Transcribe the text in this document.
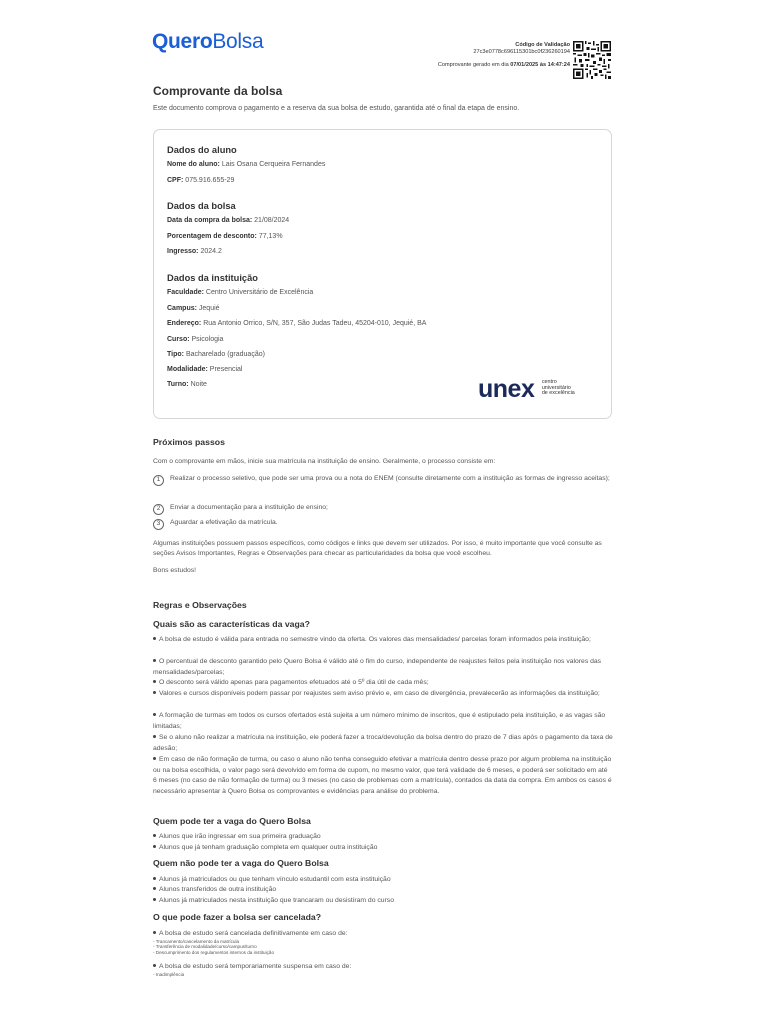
QueroBolsa	Código de Validação
27c3e0778c696115301bc0f236260194
Comprovante gerado em dia 07/01/2025 às 14:47:24
Comprovante da bolsa
Este documento comprova o pagamento e a reserva da sua bolsa de estudo, garantida até o final da etapa de ensino.
Dados do aluno
Nome do aluno: Lais Osana Cerqueira Fernandes
CPF: 075.916.655-29
Dados da bolsa
Data da compra da bolsa: 21/08/2024
Porcentagem de desconto: 77,13%
Ingresso: 2024.2
Dados da instituição
Faculdade: Centro Universitário de Excelência
Campus: Jequié
Endereço: Rua Antonio Orrico, S/N, 357, São Judas Tadeu, 45204-010, Jequié, BA
Curso: Psicologia
Tipo: Bacharelado (graduação)
Modalidade: Presencial
Turno: Noite	unex centro
universitário
de excelência
Próximos passos
Com o comprovante em mãos, inicie sua matrícula na instituição de ensino. Geralmente, o processo consiste em:
1 Realizar o processo seletivo, que pode ser uma prova ou a nota do ENEM (consulte diretamente com a instituição as formas de ingresso aceitas);
2 Enviar a documentação para a instituição de ensino;
3 Aguardar a efetivação da matrícula.
Algumas instituições possuem passos específicos, como códigos e links que devem ser utilizados. Por isso, é muito importante que você consulte as seções Avisos Importantes, Regras e Observações para checar as particularidades da bolsa que você escolheu.
Bons estudos!
Regras e Observações
Quais são as características da vaga?
A bolsa de estudo é válida para entrada no semestre vindo da oferta. Os valores das mensalidades/ parcelas foram informados pela instituição;
O percentual de desconto garantido pelo Quero Bolsa é válido até o fim do curso, independente de reajustes feitos pela instituição nos valores das mensalidades/parcelas;
O desconto será válido apenas para pagamentos efetuados até o 5º dia útil de cada mês;
Valores e cursos disponíveis podem passar por reajustes sem aviso prévio e, em caso de divergência, prevalecerão as informações da instituição;
A formação de turmas em todos os cursos ofertados está sujeita a um número mínimo de inscritos, que é estipulado pela instituição, e as vagas são limitadas;
Se o aluno não realizar a matrícula na instituição, ele poderá fazer a troca/devolução da bolsa dentro do prazo de 7 dias após o pagamento da taxa de adesão;
Em caso de não formação de turma, ou caso o aluno não tenha conseguido efetivar a matrícula dentro desse prazo por algum problema na instituição ou na bolsa escolhida, o valor pago será devolvido em forma de cupom, no mesmo valor, que terá validade de 6 meses, e poderá ser solicitado em até 6 meses (no caso de não formação de turma) ou 3 meses (no caso de problemas com a matrícula), contados da data da compra. Em ambos os casos é necessário apresentar à Quero Bolsa os comprovantes e evidências para análise do problema.
Quem pode ter a vaga do Quero Bolsa
Alunos que irão ingressar em sua primeira graduação
Alunos que já tenham graduação completa em qualquer outra instituição
Quem não pode ter a vaga do Quero Bolsa
Alunos já matriculados ou que tenham vínculo estudantil com esta instituição
Alunos transferidos de outra instituição
Alunos já matriculados nesta instituição que trancaram ou desistiram do curso
O que pode fazer a bolsa ser cancelada?
A bolsa de estudo será cancelada definitivamente em caso de:
- Trancamento/cancelamento da matrícula
- Transferência de modalidade/curso/campus/turno
- Descumprimento dos regulamentos internos da instituição
A bolsa de estudo será temporariamente suspensa em caso de:
- Inadimplência
